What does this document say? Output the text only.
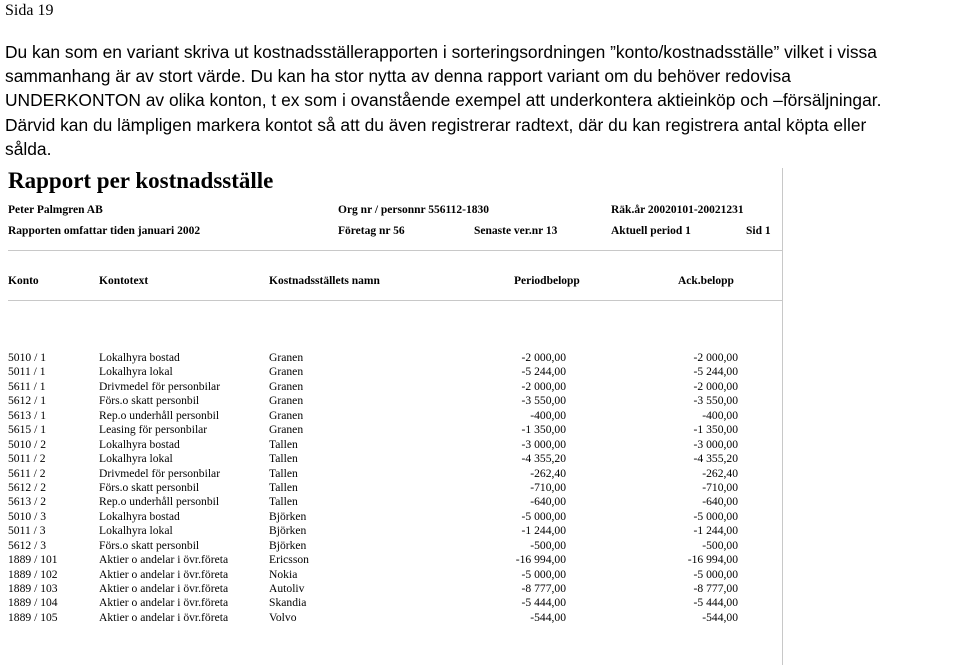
Sida 19
Du kan som en variant skriva ut kostnadsställerapporten i sorteringsordningen ”konto/kostnadsställe” vilket i vissa
sammanhang är av stort värde. Du kan ha stor nytta av denna rapport variant om du behöver redovisa
UNDERKONTON av olika konton, t ex som i ovanstående exempel att underkontera aktieinköp och –försäljningar.
Därvid kan du lämpligen markera kontot så att du även registrerar radtext, där du kan registrera antal köpta eller
sålda.
Rapport per kostnadsställe
Peter Palmgren AB	Org nr / personnr 556112-1830	Räk.år 20020101-20021231
Rapporten omfattar tiden januari 2002	Företag nr 56	Senaste ver.nr 13	Aktuell period 1	Sid 1
Konto	Kontotext	Kostnadsställets namn	Periodbelopp	Ack.belopp
5010 / 1	Lokalhyra bostad	Granen	-2 000,00	-2 000,00
5011 / 1	Lokalhyra lokal	Granen	-5 244,00	-5 244,00
5611 / 1	Drivmedel för personbilar	Granen	-2 000,00	-2 000,00
5612 / 1	Förs.o skatt personbil	Granen	-3 550,00	-3 550,00
5613 / 1	Rep.o underhåll personbil	Granen	-400,00	-400,00
5615 / 1	Leasing för personbilar	Granen	-1 350,00	-1 350,00
5010 / 2	Lokalhyra bostad	Tallen	-3 000,00	-3 000,00
5011 / 2	Lokalhyra lokal	Tallen	-4 355,20	-4 355,20
5611 / 2	Drivmedel för personbilar	Tallen	-262,40	-262,40
5612 / 2	Förs.o skatt personbil	Tallen	-710,00	-710,00
5613 / 2	Rep.o underhåll personbil	Tallen	-640,00	-640,00
5010 / 3	Lokalhyra bostad	Björken	-5 000,00	-5 000,00
5011 / 3	Lokalhyra lokal	Björken	-1 244,00	-1 244,00
5612 / 3	Förs.o skatt personbil	Björken	-500,00	-500,00
1889 / 101	Aktier o andelar i övr.företa	Ericsson	-16 994,00	-16 994,00
1889 / 102	Aktier o andelar i övr.företa	Nokia	-5 000,00	-5 000,00
1889 / 103	Aktier o andelar i övr.företa	Autoliv	-8 777,00	-8 777,00
1889 / 104	Aktier o andelar i övr.företa	Skandia	-5 444,00	-5 444,00
1889 / 105	Aktier o andelar i övr.företa	Volvo	-544,00	-544,00
